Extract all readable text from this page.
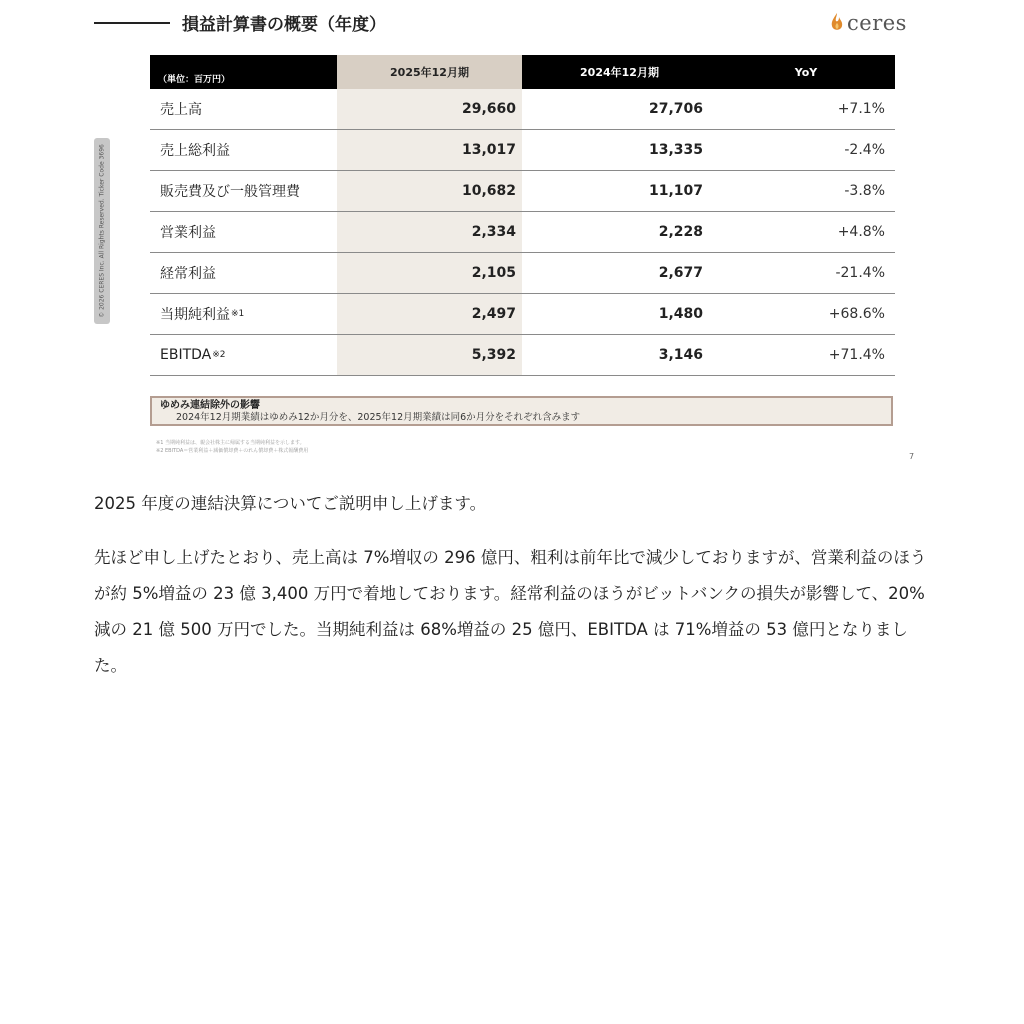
損益計算書の概要（年度）	ceres
© 2026 CERES Inc. All Rights Reserved. Ticker Code 3696
（単位：百万円）
2025年12月期	2024年12月期	YoY
売上高	29,660	27,706	+7.1%
売上総利益	13,017	13,335	-2.4%
販売費及び一般管理費	10,682	11,107	-3.8%
営業利益	2,334	2,228	+4.8%
経常利益	2,105	2,677	-21.4%
当期純利益 ※1	2,497	1,480	+68.6%
EBITDA ※2	5,392	3,146	+71.4%
ゆめみ連結除外の影響
2024年12月期業績はゆめみ12か月分を、2025年12月期業績は同6か月分をそれぞれ含みます
※1 当期純利益は、親会社株主に帰属する当期純利益を示します。
※2 EBITDA＝営業利益＋減価償却費＋のれん償却費＋株式報酬費用
7

2025 年度の連結決算についてご説明申し上げます。

先ほど申し上げたとおり、売上高は 7%増収の 296 億円、粗利は前年比で減少しておりますが、営業利益のほうが約 5%増益の 23 億 3,400 万円で着地しております。経常利益のほうがビットバンクの損失が影響して、20%減の 21 億 500 万円でした。当期純利益は 68%増益の 25 億円、EBITDA は 71%増益の 53 億円となりました。
